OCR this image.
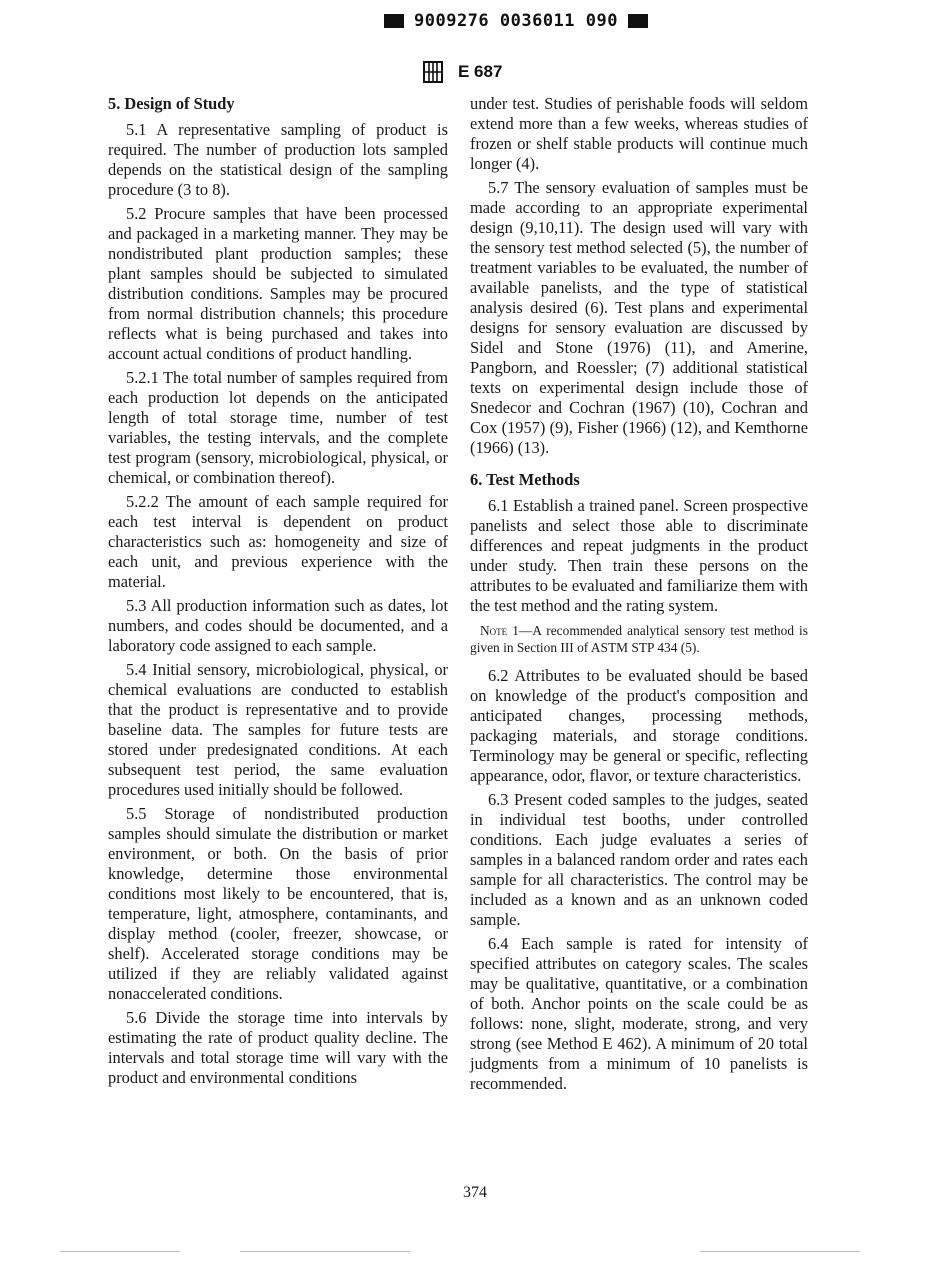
9009276 0036011 090
E 687
5. Design of Study

5.1 A representative sampling of product is required. The number of production lots sampled depends on the statistical design of the sampling procedure (3 to 8).

5.2 Procure samples that have been processed and packaged in a marketing manner. They may be nondistributed plant production samples; these plant samples should be subjected to simulated distribution conditions. Samples may be procured from normal distribution channels; this procedure reflects what is being purchased and takes into account actual conditions of product handling.

5.2.1 The total number of samples required from each production lot depends on the anticipated length of total storage time, number of test variables, the testing intervals, and the complete test program (sensory, microbiological, physical, or chemical, or combination thereof).

5.2.2 The amount of each sample required for each test interval is dependent on product characteristics such as: homogeneity and size of each unit, and previous experience with the material.

5.3 All production information such as dates, lot numbers, and codes should be documented, and a laboratory code assigned to each sample.

5.4 Initial sensory, microbiological, physical, or chemical evaluations are conducted to establish that the product is representative and to provide baseline data. The samples for future tests are stored under predesignated conditions. At each subsequent test period, the same evaluation procedures used initially should be followed.

5.5 Storage of nondistributed production samples should simulate the distribution or market environment, or both. On the basis of prior knowledge, determine those environmental conditions most likely to be encountered, that is, temperature, light, atmosphere, contaminants, and display method (cooler, freezer, showcase, or shelf). Accelerated storage conditions may be utilized if they are reliably validated against nonaccelerated conditions.

5.6 Divide the storage time into intervals by estimating the rate of product quality decline. The intervals and total storage time will vary with the product and environmental conditions

under test. Studies of perishable foods will seldom extend more than a few weeks, whereas studies of frozen or shelf stable products will continue much longer (4).

5.7 The sensory evaluation of samples must be made according to an appropriate experimental design (9,10,11). The design used will vary with the sensory test method selected (5), the number of treatment variables to be evaluated, the number of available panelists, and the type of statistical analysis desired (6). Test plans and experimental designs for sensory evaluation are discussed by Sidel and Stone (1976) (11), and Amerine, Pangborn, and Roessler; (7) additional statistical texts on experimental design include those of Snedecor and Cochran (1967) (10), Cochran and Cox (1957) (9), Fisher (1966) (12), and Kemthorne (1966) (13).

6. Test Methods

6.1 Establish a trained panel. Screen prospective panelists and select those able to discriminate differences and repeat judgments in the product under study. Then train these persons on the attributes to be evaluated and familiarize them with the test method and the rating system.

Note 1—A recommended analytical sensory test method is given in Section III of ASTM STP 434 (5).

6.2 Attributes to be evaluated should be based on knowledge of the product's composition and anticipated changes, processing methods, packaging materials, and storage conditions. Terminology may be general or specific, reflecting appearance, odor, flavor, or texture characteristics.

6.3 Present coded samples to the judges, seated in individual test booths, under controlled conditions. Each judge evaluates a series of samples in a balanced random order and rates each sample for all characteristics. The control may be included as a known and as an unknown coded sample.

6.4 Each sample is rated for intensity of specified attributes on category scales. The scales may be qualitative, quantitative, or a combination of both. Anchor points on the scale could be as follows: none, slight, moderate, strong, and very strong (see Method E 462). A minimum of 20 total judgments from a minimum of 10 panelists is recommended.

374
